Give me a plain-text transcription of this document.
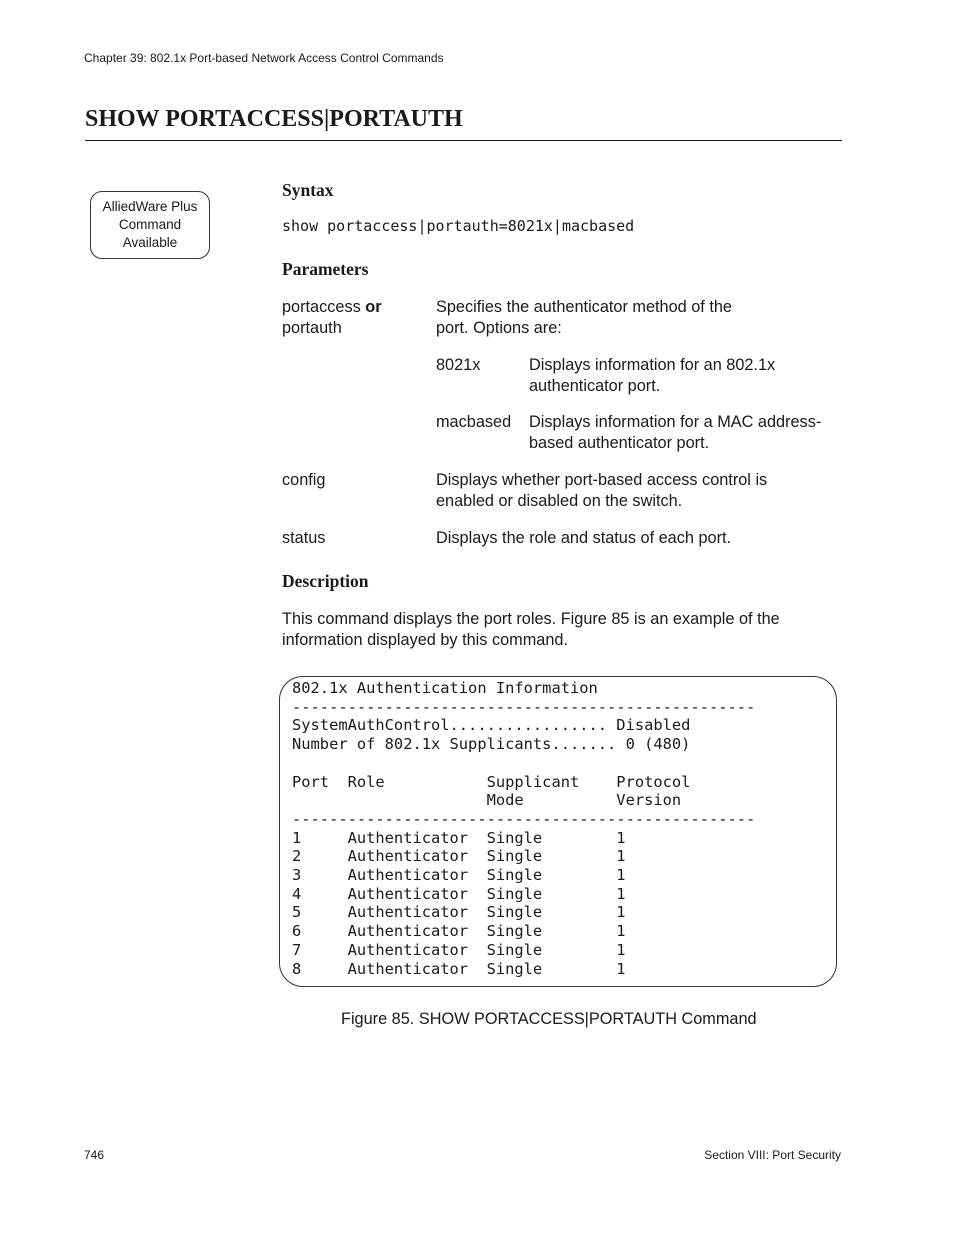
Chapter 39: 802.1x Port-based Network Access Control Commands
SHOW PORTACCESS|PORTAUTH
AlliedWare Plus
Command
Available
Syntax
show portaccess|portauth=8021x|macbased
Parameters
portaccess or
portauth
Specifies the authenticator method of the
port. Options are:
8021x	Displays information for an 802.1x
authenticator port.
macbased Displays information for a MAC address-
based authenticator port.
config	Displays whether port-based access control is
enabled or disabled on the switch.
status	Displays the role and status of each port.
Description
This command displays the port roles. Figure 85 is an example of the
information displayed by this command.
802.1x Authentication Information
--------------------------------------------------
SystemAuthControl................. Disabled
Number of 802.1x Supplicants....... 0 (480)

Port  Role           Supplicant    Protocol
Mode          Version
--------------------------------------------------
1     Authenticator  Single        1
2     Authenticator  Single        1
3     Authenticator  Single        1
4     Authenticator  Single        1
5     Authenticator  Single        1
6     Authenticator  Single        1
7     Authenticator  Single        1
8     Authenticator  Single        1
Figure 85. SHOW PORTACCESS|PORTAUTH Command
746	Section VIII: Port Security
